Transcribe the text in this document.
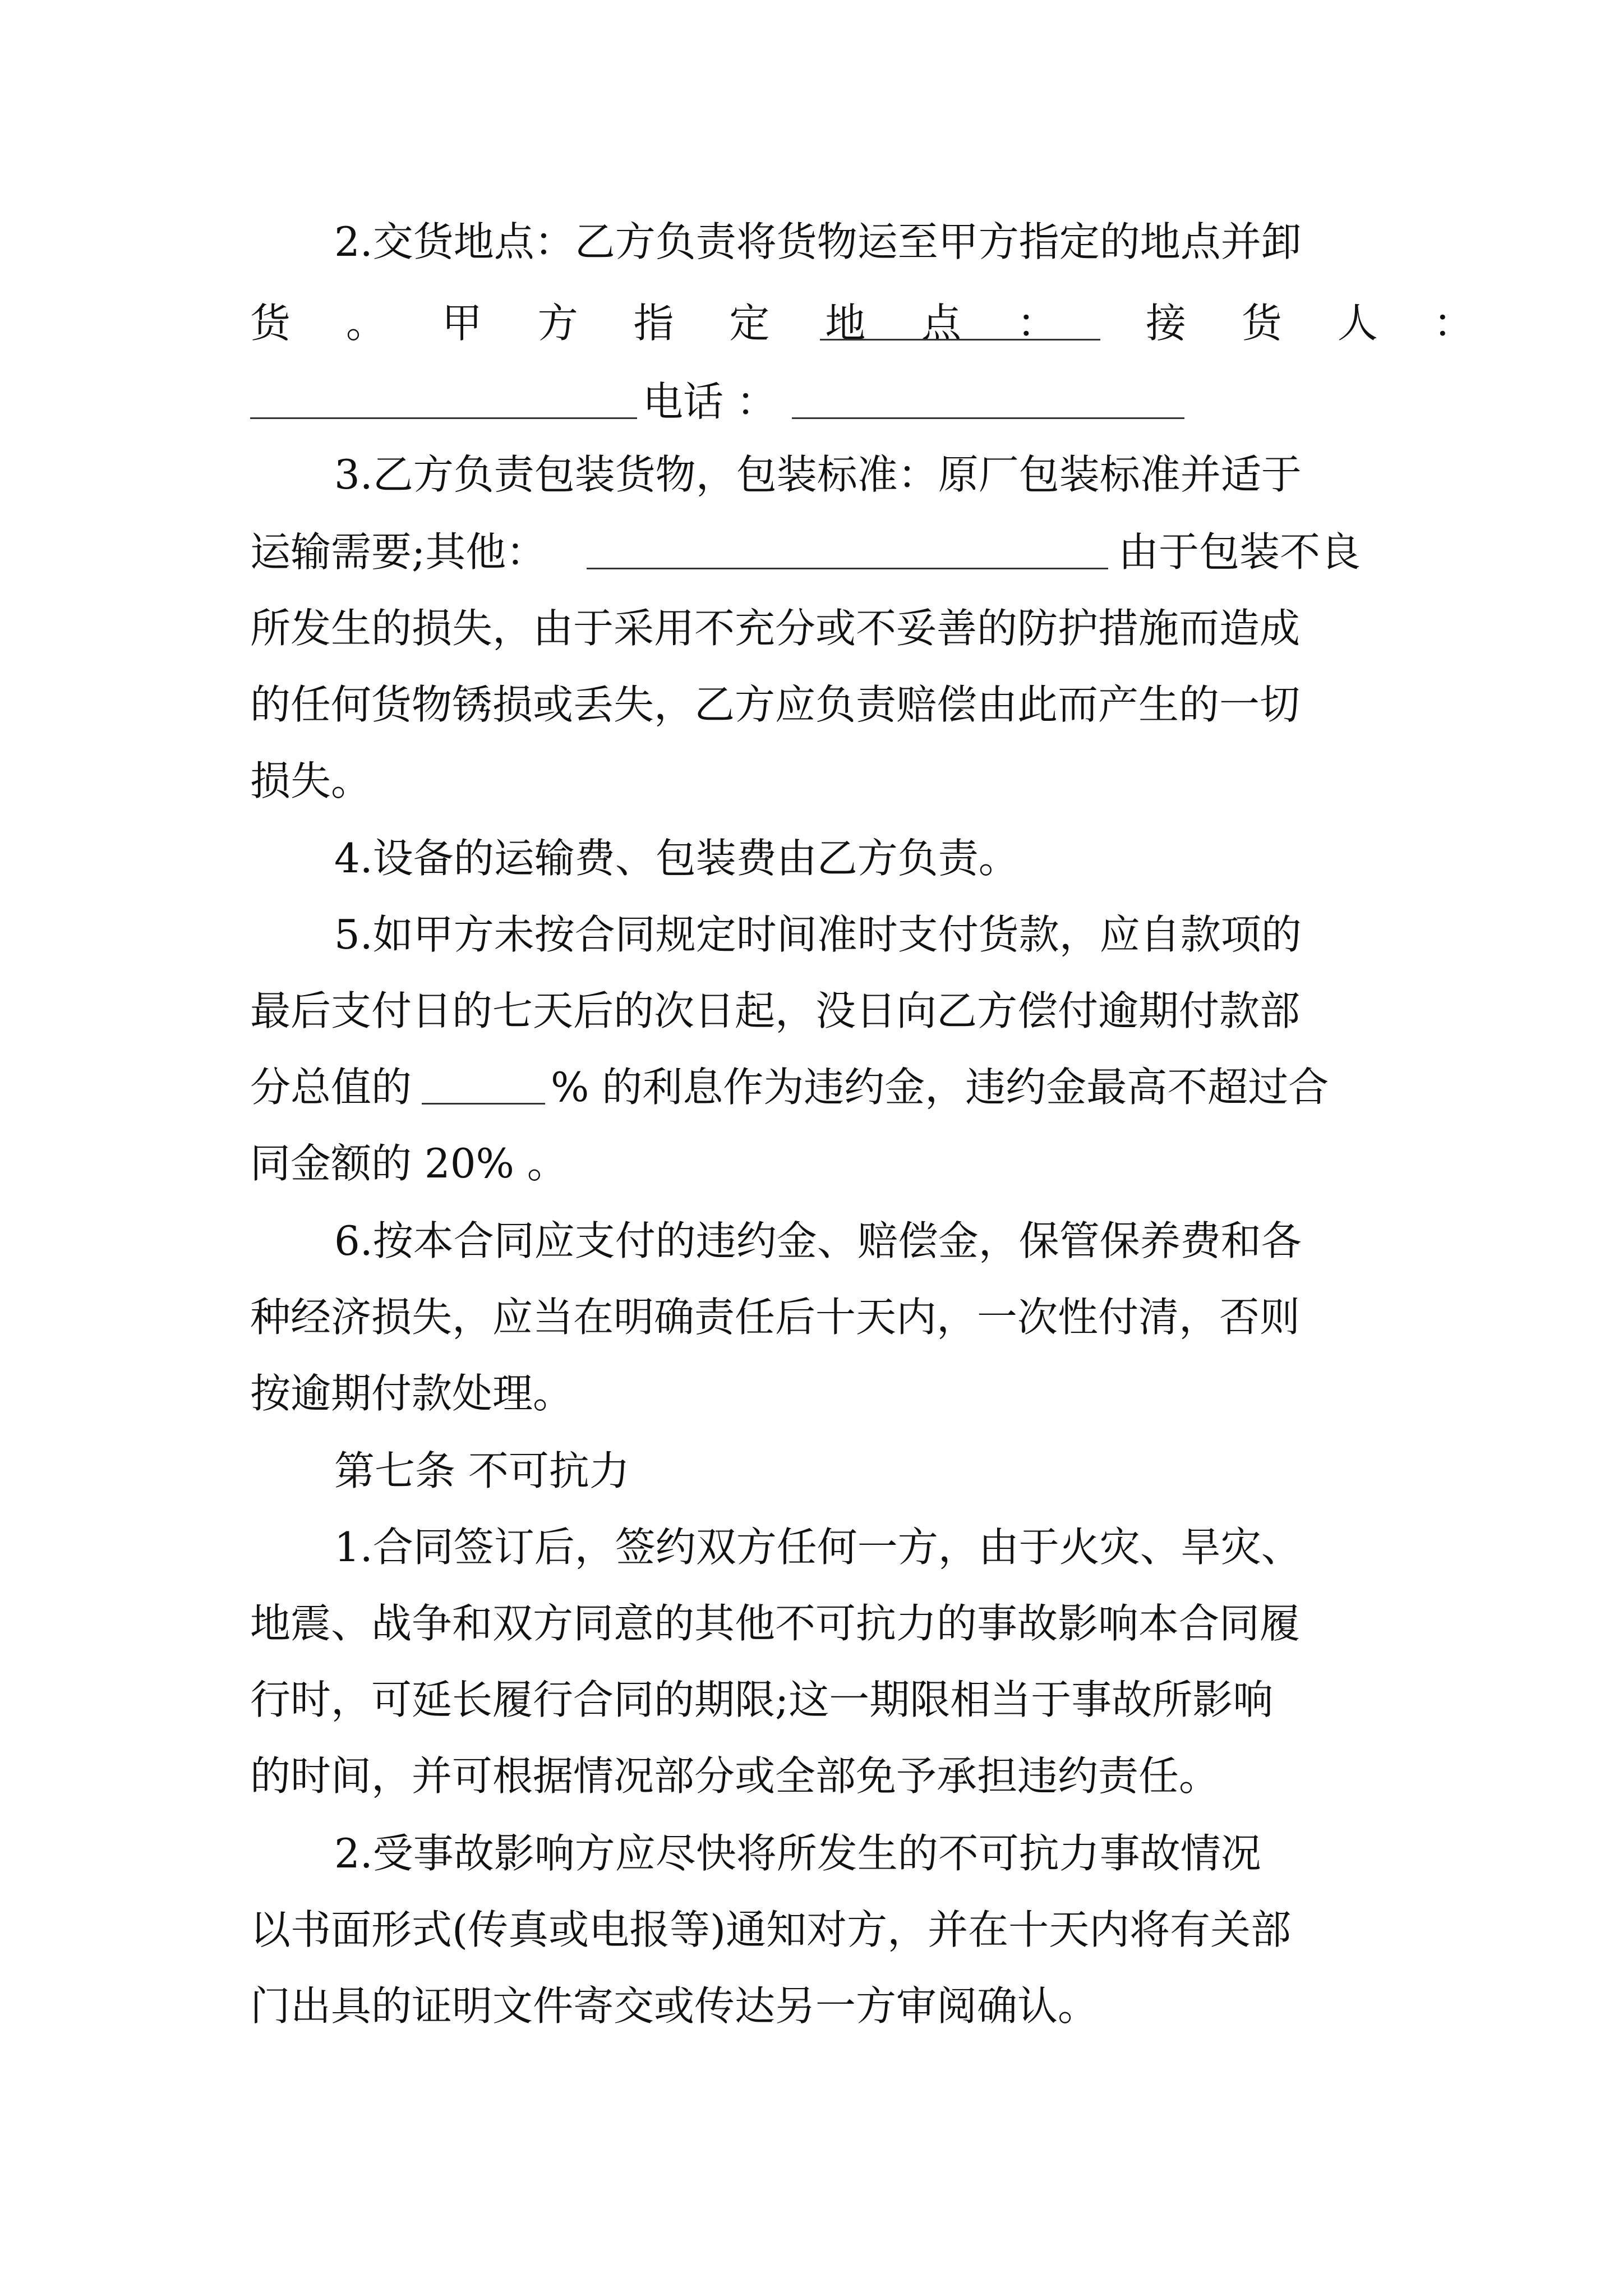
2.交货地点：乙方负责将货物运至甲方指定的地点并卸
货 。 甲 方 指 定 地 点 ： 接 货 人 ：
电话 ：
3.乙方负责包装货物，包装标准：原厂包装标准并适于
运输需要;其他：	由于包装不良
所发生的损失，由于采用不充分或不妥善的防护措施而造成
的任何货物锈损或丢失，乙方应负责赔偿由此而产生的一切
损失。
4.设备的运输费、包装费由乙方负责。
5.如甲方未按合同规定时间准时支付货款，应自款项的
最后支付日的七天后的次日起，没日向乙方偿付逾期付款部
分总值的	% 的利息作为违约金，违约金最高不超过合
同金额的 20% 。
6.按本合同应支付的违约金、赔偿金，保管保养费和各
种经济损失，应当在明确责任后十天内，一次性付清，否则
按逾期付款处理。
第七条 不可抗力
1.合同签订后，签约双方任何一方，由于火灾、旱灾、
地震、战争和双方同意的其他不可抗力的事故影响本合同履
行时，可延长履行合同的期限;这一期限相当于事故所影响
的时间，并可根据情况部分或全部免予承担违约责任。
2.受事故影响方应尽快将所发生的不可抗力事故情况
以书面形式(传真或电报等)通知对方，并在十天内将有关部
门出具的证明文件寄交或传达另一方审阅确认。
